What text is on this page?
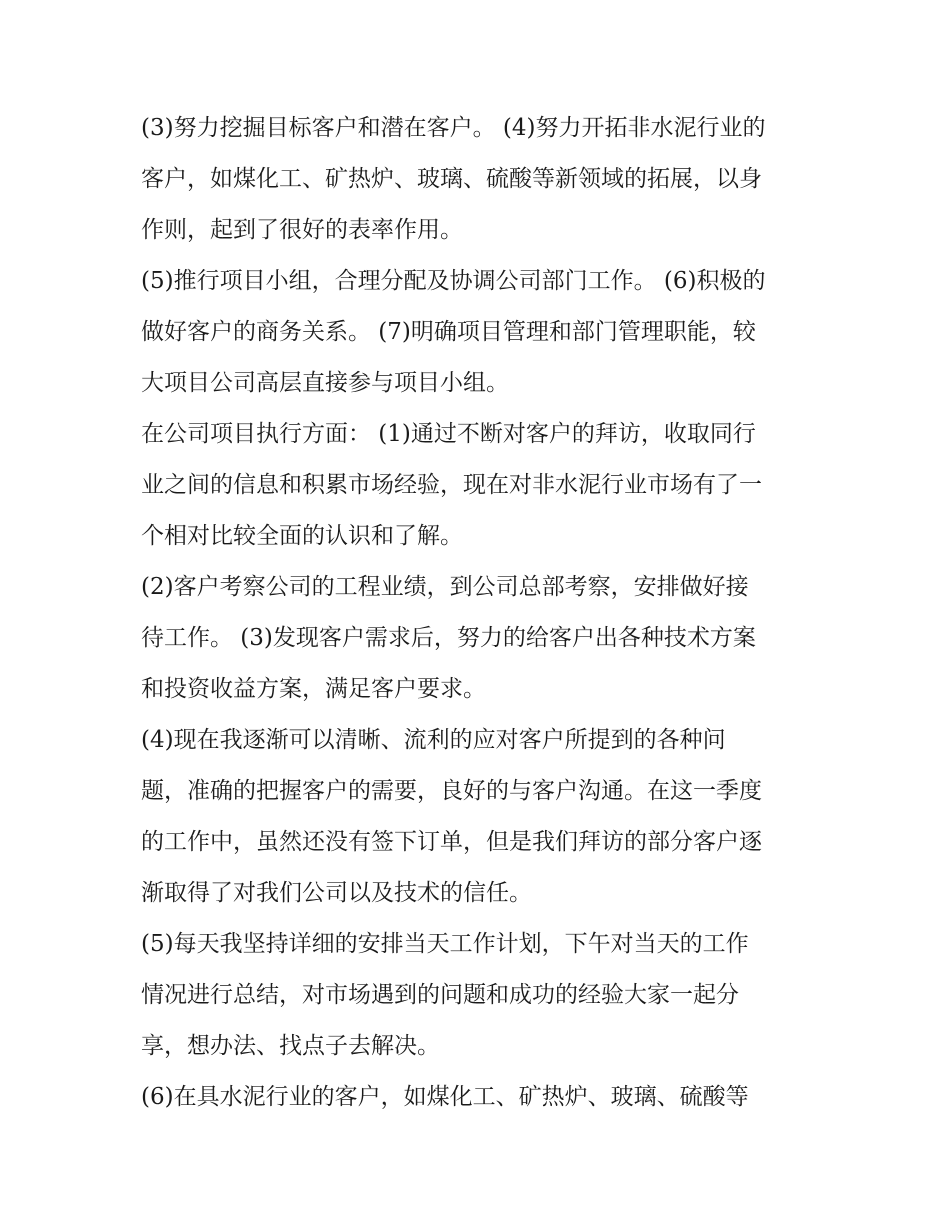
(3)努力挖掘目标客户和潜在客户。 (4)努力开拓非水泥行业的
客户，如煤化工、矿热炉、玻璃、硫酸等新领域的拓展，以身
作则，起到了很好的表率作用。
(5)推行项目小组，合理分配及协调公司部门工作。 (6)积极的
做好客户的商务关系。 (7)明确项目管理和部门管理职能，较
大项目公司高层直接参与项目小组。
在公司项目执行方面： (1)通过不断对客户的拜访，收取同行
业之间的信息和积累市场经验，现在对非水泥行业市场有了一
个相对比较全面的认识和了解。
(2)客户考察公司的工程业绩，到公司总部考察，安排做好接
待工作。 (3)发现客户需求后，努力的给客户出各种技术方案
和投资收益方案，满足客户要求。
(4)现在我逐渐可以清晰、流利的应对客户所提到的各种问
题，准确的把握客户的需要，良好的与客户沟通。在这一季度
的工作中，虽然还没有签下订单，但是我们拜访的部分客户逐
渐取得了对我们公司以及技术的信任。
(5)每天我坚持详细的安排当天工作计划，下午对当天的工作
情况进行总结，对市场遇到的问题和成功的经验大家一起分
享，想办法、找点子去解决。
(6)在具水泥行业的客户，如煤化工、矿热炉、玻璃、硫酸等
